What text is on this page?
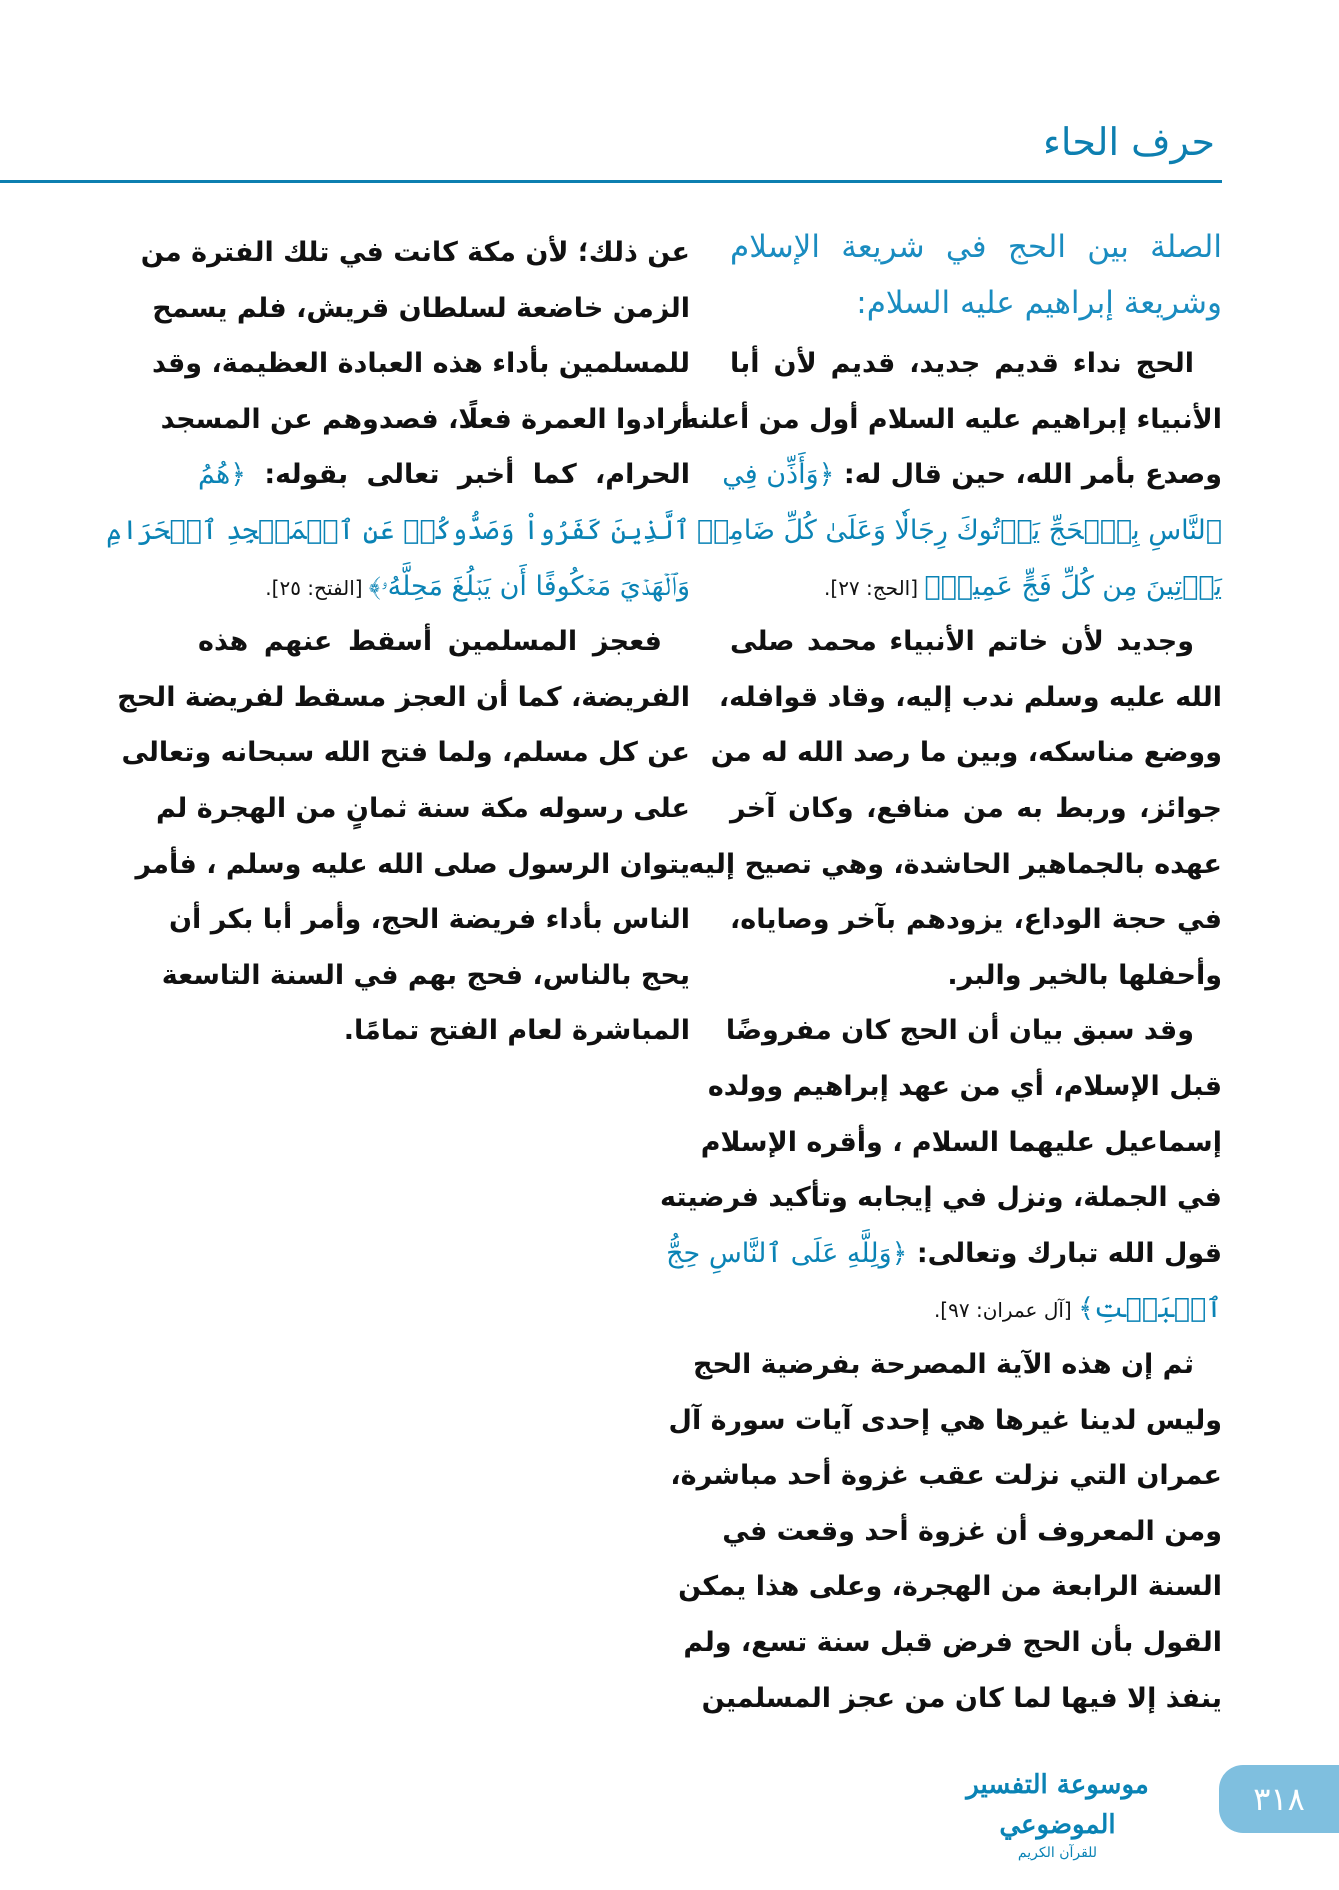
حرف الحاء
الصلة بين الحج في شريعة الإسلام
وشريعة إبراهيم عليه السلام:
الحج نداء قديم جديد، قديم لأن أبا
الأنبياء إبراهيم عليه السلام أول من أعلنه،
وصدع بأمر الله، حين قال له: ﴿وَأَذِّن فِي
ٱلنَّاسِ بِٱلۡحَجِّ يَأۡتُوكَ رِجَالٗا وَعَلَىٰ كُلِّ ضَامِرٖ
يَأۡتِينَ مِن كُلِّ فَجٍّ عَمِيقٖ﴾ [الحج: ٢٧].
وجديد لأن خاتم الأنبياء محمد صلى
الله عليه وسلم ندب إليه، وقاد قوافله،
ووضع مناسكه، وبين ما رصد الله له من
جوائز، وربط به من منافع، وكان آخر
عهده بالجماهير الحاشدة، وهي تصيح إليه
في حجة الوداع، يزودهم بآخر وصاياه،
وأحفلها بالخير والبر.
وقد سبق بيان أن الحج كان مفروضًا
قبل الإسلام، أي من عهد إبراهيم وولده
إسماعيل عليهما السلام ، وأقره الإسلام
في الجملة، ونزل في إيجابه وتأكيد فرضيته
قول الله تبارك وتعالى: ﴿وَلِلَّهِ عَلَى ٱلنَّاسِ حِجُّ
ٱلۡبَيۡتِ﴾ [آل عمران: ٩٧].
ثم إن هذه الآية المصرحة بفرضية الحج
وليس لدينا غيرها هي إحدى آيات سورة آل
عمران التي نزلت عقب غزوة أحد مباشرة،
ومن المعروف أن غزوة أحد وقعت في
السنة الرابعة من الهجرة، وعلى هذا يمكن
القول بأن الحج فرض قبل سنة تسع، ولم
ينفذ إلا فيها لما كان من عجز المسلمين
عن ذلك؛ لأن مكة كانت في تلك الفترة من
الزمن خاضعة لسلطان قريش، فلم يسمح
للمسلمين بأداء هذه العبادة العظيمة، وقد
أرادوا العمرة فعلًا، فصدوهم عن المسجد
الحرام، كما أخبر تعالى بقوله: ﴿هُمُ
ٱلَّذِينَ كَفَرُواْ وَصَدُّوكُمۡ عَنِ ٱلۡمَسۡجِدِ ٱلۡحَرَامِ
وَٱلۡهَدۡيَ مَعۡكُوفًا أَن يَبۡلُغَ مَحِلَّهُۥ﴾ [الفتح: ٢٥].
فعجز المسلمين أسقط عنهم هذه
الفريضة، كما أن العجز مسقط لفريضة الحج
عن كل مسلم، ولما فتح الله سبحانه وتعالى
على رسوله مكة سنة ثمانٍ من الهجرة لم
يتوان الرسول صلى الله عليه وسلم ، فأمر
الناس بأداء فريضة الحج، وأمر أبا بكر أن
يحج بالناس، فحج بهم في السنة التاسعة
المباشرة لعام الفتح تمامًا.
موسوعة التفسير الموضوعي
للقرآن الكريم
٣١٨
